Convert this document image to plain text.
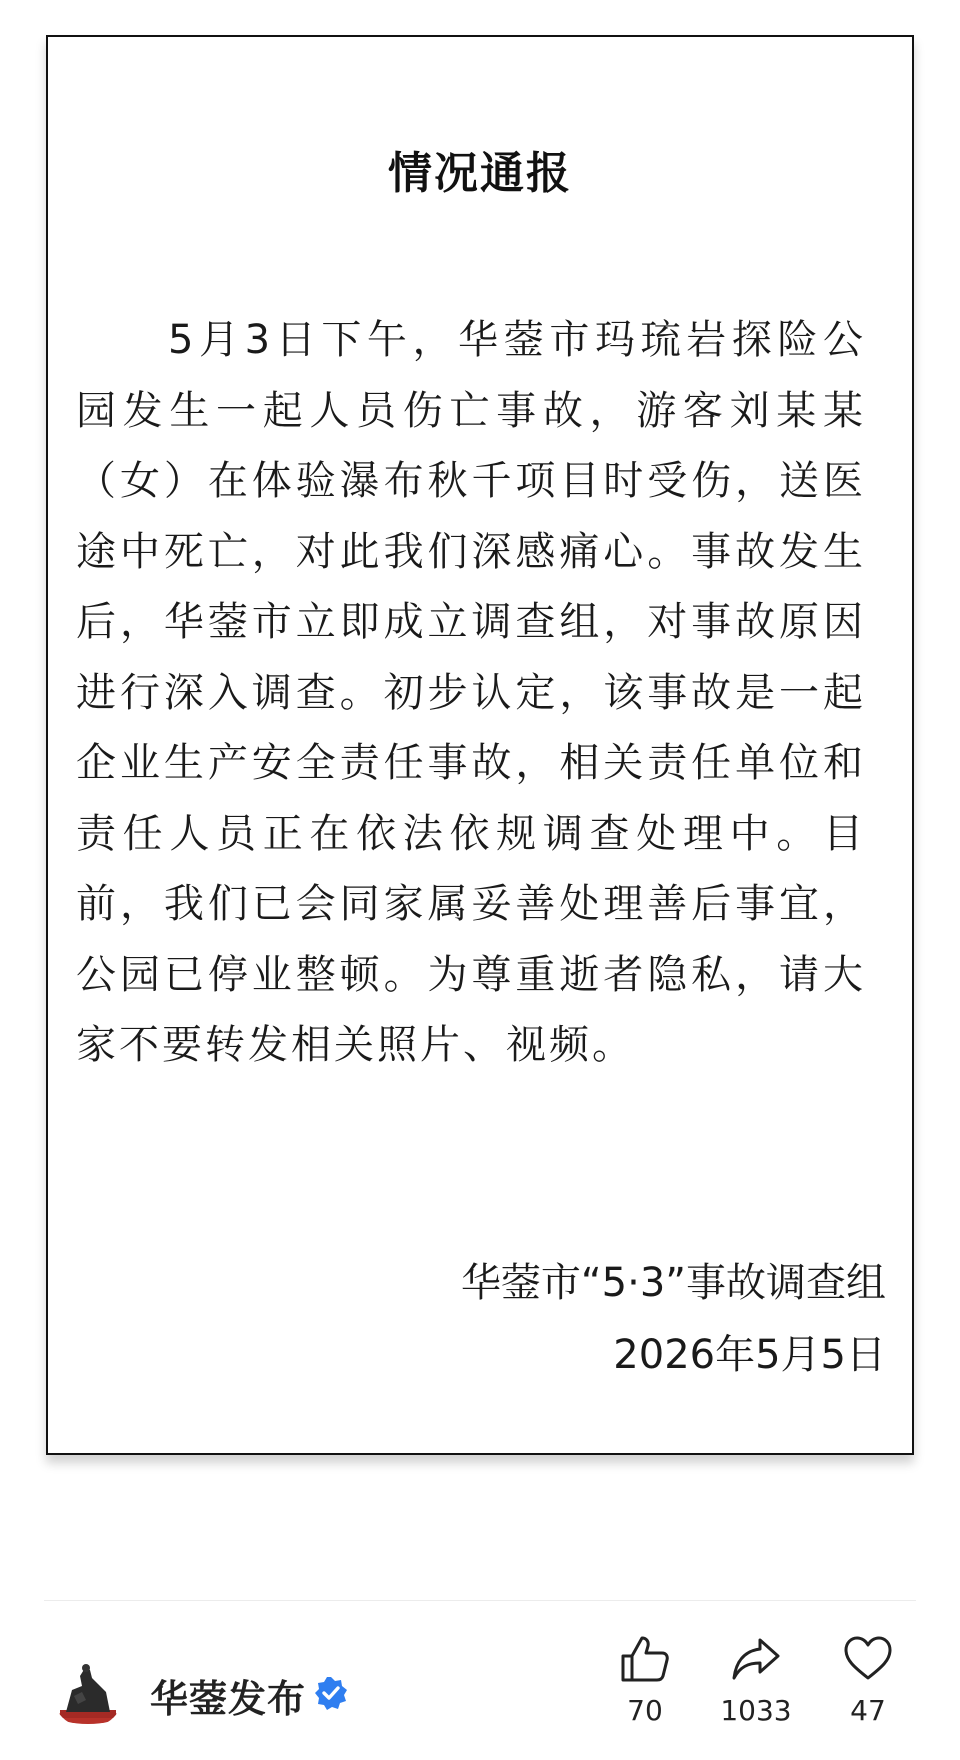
情况通报

5月3日下午，华蓥市玛琉岩探险公园发生一起人员伤亡事故，游客刘某某（女）在体验瀑布秋千项目时受伤，送医途中死亡，对此我们深感痛心。事故发生后，华蓥市立即成立调查组，对事故原因进行深入调查。初步认定，该事故是一起企业生产安全责任事故，相关责任单位和责任人员正在依法依规调查处理中。目前，我们已会同家属妥善处理善后事宜，公园已停业整顿。为尊重逝者隐私，请大家不要转发相关照片、视频。

华蓥市“5·3”事故调查组
2026年5月5日
华蓥发布	70	1033	47
